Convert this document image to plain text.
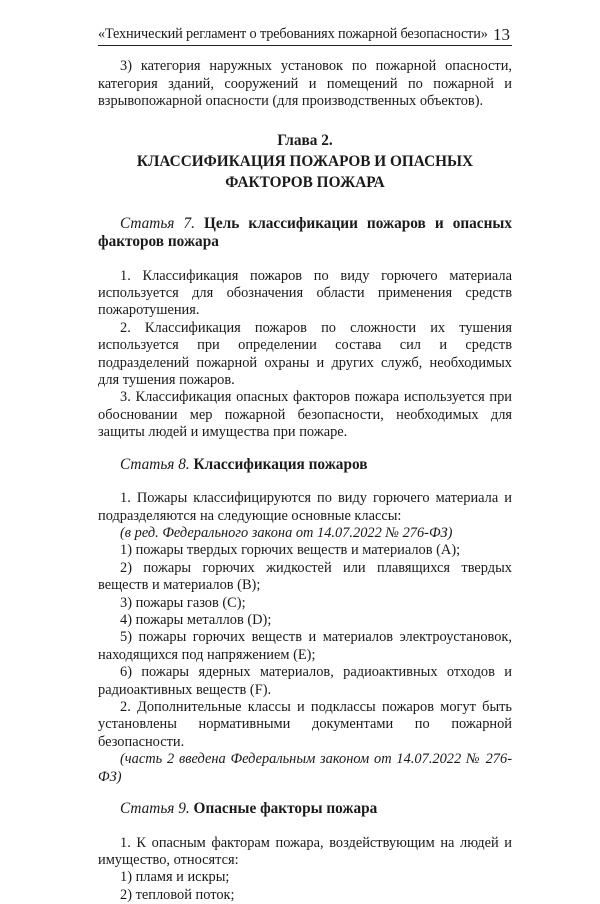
«Технический регламент о требованиях пожарной безопасности» 13

3) категория наружных установок по пожарной опасности, категория зданий, сооружений и помещений по пожарной и взрывопожарной опасности (для производственных объектов).

Глава 2.
КЛАССИФИКАЦИЯ ПОЖАРОВ И ОПАСНЫХ
ФАКТОРОВ ПОЖАРА
Статья 7. Цель классификации пожаров и опасных факторов пожара

1. Классификация пожаров по виду горючего материала используется для обозначения области применения средств пожаротушения.

2. Классификация пожаров по сложности их тушения используется при определении состава сил и средств подразделений пожарной охраны и других служб, необходимых для тушения пожаров.

3. Классификация опасных факторов пожара используется при обосновании мер пожарной безопасности, необходимых для защиты людей и имущества при пожаре.

Статья 8. Классификация пожаров

1. Пожары классифицируются по виду горючего материала и подразделяются на следующие основные классы:

(в ред. Федерального закона от 14.07.2022 № 276-ФЗ)

1) пожары твердых горючих веществ и материалов (A);

2) пожары горючих жидкостей или плавящихся твердых веществ и материалов (B);

3) пожары газов (C);

4) пожары металлов (D);

5) пожары горючих веществ и материалов электроустановок, находящихся под напряжением (E);

6) пожары ядерных материалов, радиоактивных отходов и радиоактивных веществ (F).

2. Дополнительные классы и подклассы пожаров могут быть установлены нормативными документами по пожарной безопасности.

(часть 2 введена Федеральным законом от 14.07.2022 № 276-ФЗ)

Статья 9. Опасные факторы пожара

1. К опасным факторам пожара, воздействующим на людей и имущество, относятся:

1) пламя и искры;

2) тепловой поток;
